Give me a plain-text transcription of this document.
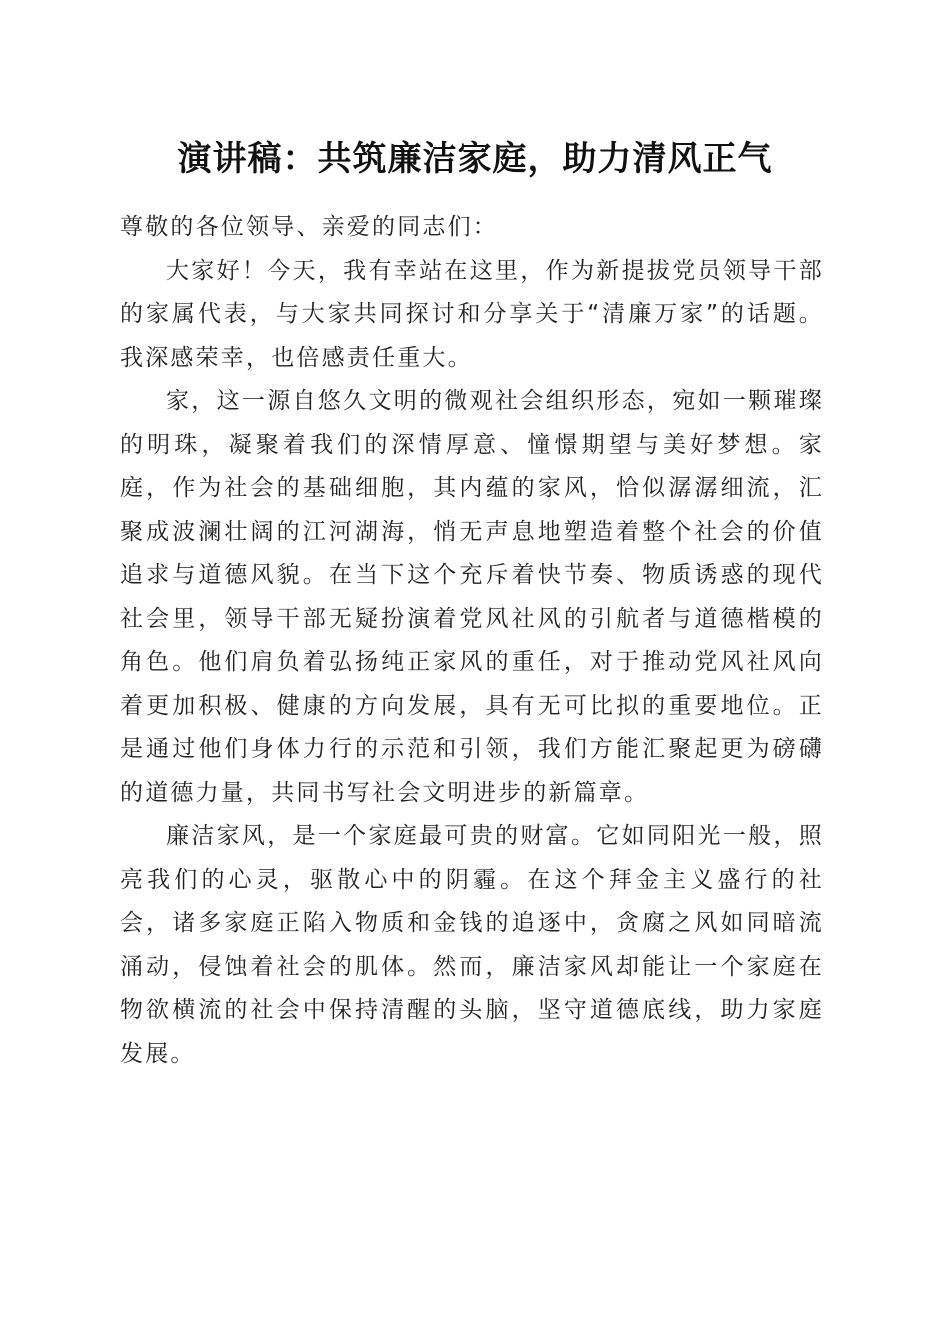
演讲稿：共筑廉洁家庭，助力清风正气

尊敬的各位领导、亲爱的同志们：

大家好！今天，我有幸站在这里，作为新提拔党员领导干部的家属代表，与大家共同探讨和分享关于“清廉万家”的话题。我深感荣幸，也倍感责任重大。

家，这一源自悠久文明的微观社会组织形态，宛如一颗璀璨的明珠，凝聚着我们的深情厚意、憧憬期望与美好梦想。家庭，作为社会的基础细胞，其内蕴的家风，恰似潺潺细流，汇聚成波澜壮阔的江河湖海，悄无声息地塑造着整个社会的价值追求与道德风貌。在当下这个充斥着快节奏、物质诱惑的现代社会里，领导干部无疑扮演着党风社风的引航者与道德楷模的角色。他们肩负着弘扬纯正家风的重任，对于推动党风社风向着更加积极、健康的方向发展，具有无可比拟的重要地位。正是通过他们身体力行的示范和引领，我们方能汇聚起更为磅礴的道德力量，共同书写社会文明进步的新篇章。

廉洁家风，是一个家庭最可贵的财富。它如同阳光一般，照亮我们的心灵，驱散心中的阴霾。在这个拜金主义盛行的社会，诸多家庭正陷入物质和金钱的追逐中，贪腐之风如同暗流涌动，侵蚀着社会的肌体。然而，廉洁家风却能让一个家庭在物欲横流的社会中保持清醒的头脑，坚守道德底线，助力家庭发展。
